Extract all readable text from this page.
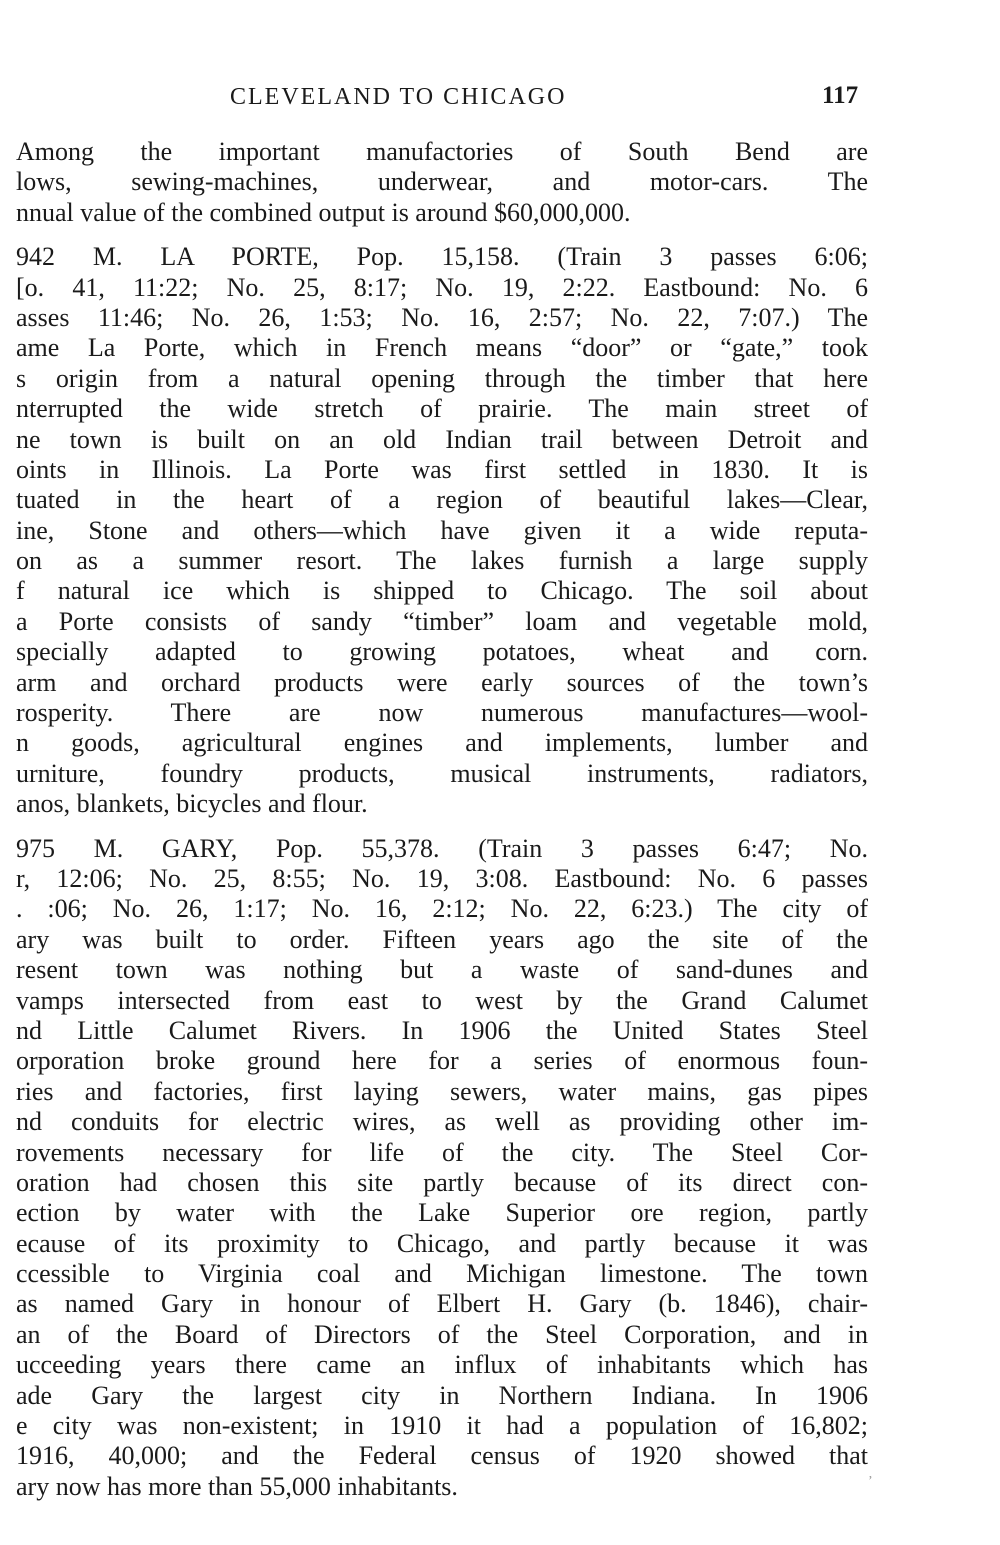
CLEVELAND TO CHICAGO	117
Among the important manufactories of South Bend are
lows, sewing-machines, underwear, and motor-cars. The
nnual value of the combined output is around $60,000,000.
942 M. LA PORTE, Pop. 15,158. (Train 3 passes 6:06;
[o. 41, 11:22; No. 25, 8:17; No. 19, 2:22. Eastbound: No. 6
asses 11:46; No. 26, 1:53; No. 16, 2:57; No. 22, 7:07.) The
ame La Porte, which in French means “door” or “gate,” took
s origin from a natural opening through the timber that here
nterrupted the wide stretch of prairie. The main street of
ne town is built on an old Indian trail between Detroit and
oints in Illinois. La Porte was first settled in 1830. It is
tuated in the heart of a region of beautiful lakes—Clear,
ine, Stone and others—which have given it a wide reputa-
on as a summer resort. The lakes furnish a large supply
f natural ice which is shipped to Chicago. The soil about
a Porte consists of sandy “timber” loam and vegetable mold,
specially adapted to growing potatoes, wheat and corn.
arm and orchard products were early sources of the town’s
rosperity. There are now numerous manufactures—wool-
n goods, agricultural engines and implements, lumber and
urniture, foundry products, musical instruments, radiators,
anos, blankets, bicycles and flour.
975 M. GARY, Pop. 55,378. (Train 3 passes 6:47; No.
r, 12:06; No. 25, 8:55; No. 19, 3:08. Eastbound: No. 6 passes
. :06; No. 26, 1:17; No. 16, 2:12; No. 22, 6:23.) The city of
ary was built to order. Fifteen years ago the site of the
resent town was nothing but a waste of sand-dunes and
vamps intersected from east to west by the Grand Calumet
nd Little Calumet Rivers. In 1906 the United States Steel
orporation broke ground here for a series of enormous foun-
ries and factories, first laying sewers, water mains, gas pipes
nd conduits for electric wires, as well as providing other im-
rovements necessary for life of the city. The Steel Cor-
oration had chosen this site partly because of its direct con-
ection by water with the Lake Superior ore region, partly
ecause of its proximity to Chicago, and partly because it was
ccessible to Virginia coal and Michigan limestone. The town
as named Gary in honour of Elbert H. Gary (b. 1846), chair-
an of the Board of Directors of the Steel Corporation, and in
ucceeding years there came an influx of inhabitants which has
ade Gary the largest city in Northern Indiana. In 1906
e city was non-existent; in 1910 it had a population of 16,802;
1916, 40,000; and the Federal census of 1920 showed that
ary now has more than 55,000 inhabitants.	’
